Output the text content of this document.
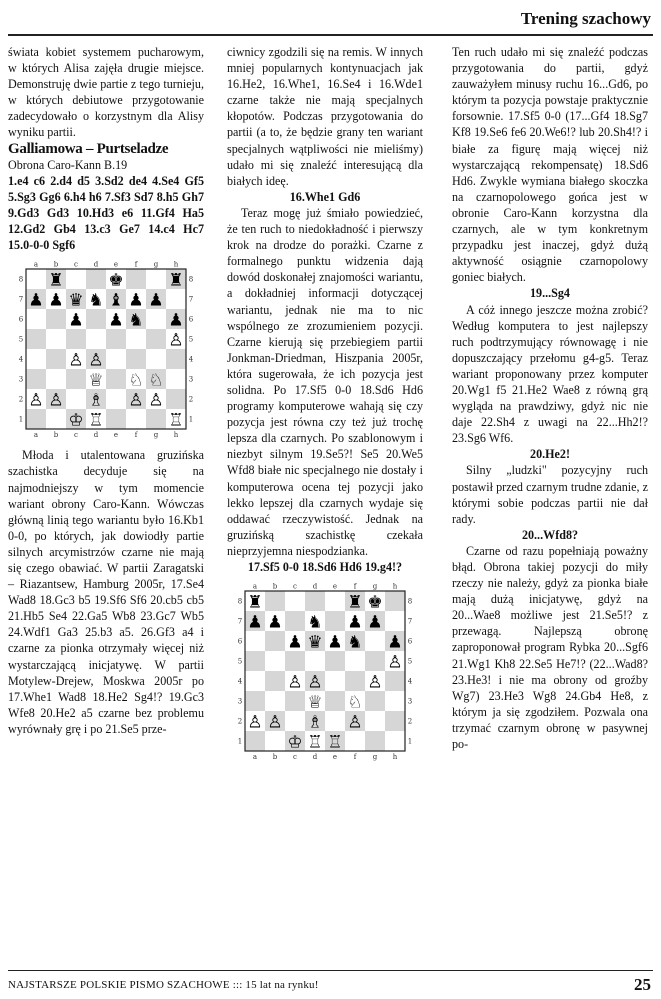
Trening szachowy

świata kobiet systemem pucharowym, w których Alisa zajęła drugie miejsce. Demonstruję dwie partie z tego turnieju, w których debiutowe przygotowanie zadecydowało o korzystnym dla Alisy wyniku partii.

Galliamowa – Purtseladze

Obrona Caro-Kann B.19

1.e4 c6 2.d4 d5 3.Sd2 de4 4.Se4 Gf5 5.Sg3 Gg6 6.h4 h6 7.Sf3 Sd7 8.h5 Gh7 9.Gd3 Gd3 10.Hd3 e6 11.Gf4 Ha5 12.Gd2 Gb4 13.c3 Ge7 14.c4 Hc7 15.0-0-0 Sgf6

a
a
b
b
c
c
d
d
e
e
f
f
g
g
h
h
8	8
7	7
6	6
5	5
4	4
3	3
2	2
1	1
♜	♚	♜
♟ ♟ ♛ ♞ ♝ ♟ ♟
♟ ♟ ♞ ♟
♙
♙ ♙
♕ ♘ ♘
♙ ♙ ♗ ♙ ♙
♔ ♖	♖

Młoda i utalentowana gruzińska szachistka decyduje się na najmodniejszy w tym momencie wariant obrony Caro-Kann. Wówczas główną linią tego wariantu było 16.Kb1 0-0, po których, jak dowiodły partie silnych arcymistrzów czarne nie mają się czego obawiać. W partii Zaragatski – Riazantsew, Hamburg 2005r, 17.Se4 Wad8 18.Gc3 b5 19.Sf6 Sf6 20.cb5 cb5 21.Hb5 Se4 22.Ga5 Wb8 23.Gc7 Wb5 24.Wdf1 Ga3 25.b3 a5. 26.Gf3 a4 i czarne za pionka otrzymały więcej niż wystarczającą inicjatywę. W partii Motylew-Drejew, Moskwa 2005r po 17.Whe1 Wad8 18.He2 Sg4!? 19.Gc3 Wfe8 20.He2 a5 czarne bez problemu wyrównały grę i po 21.Se5 prze-

ciwnicy zgodzili się na remis. W innych mniej popularnych kontynuacjach jak 16.He2, 16.Whe1, 16.Se4 i 16.Wde1 czarne także nie mają specjalnych kłopotów. Podczas przygotowania do partii (a to, że będzie grany ten wariant specjalnych wątpliwości nie mieliśmy) udało mi się znaleźć interesującą dla białych ideę.

16.Whe1 Gd6

Teraz mogę już śmiało powiedzieć, że ten ruch to niedokładność i pierwszy krok na drodze do porażki. Czarne z formalnego punktu widzenia dają dowód doskonałej znajomości wariantu, a dokładniej informacji dotyczącej wariantu, jednak nie ma to nic wspólnego ze zrozumieniem pozycji. Czarne kierują się przebiegiem partii Jonkman-Driedman, Hiszpania 2005r, która sugerowała, że ich pozycja jest solidna. Po 17.Sf5 0-0 18.Sd6 Hd6 programy komputerowe wahają się czy pozycja jest równa czy też już trochę lepsza dla czarnych. Po szablonowym i niezbyt silnym 19.Se5?! Se5 20.We5 Wfd8 białe nic specjalnego nie dostały i komputerowa ocena tej pozycji jako lekko lepszej dla czarnych wydaje się oddawać rzeczywistość. Jednak na gruzińską szachistkę czekała nieprzyjemna niespodzianka.

17.Sf5 0-0 18.Sd6 Hd6 19.g4!?

a
a
b
b
c
c
d
d
e
e
f
f
g
g
h
h
8	8
7	7
6	6
5	5
4	4
3	3
2	2
1	1
♜	♜ ♚
♟ ♟ ♞ ♟ ♟
♟ ♛ ♟ ♞ ♟
♙
♙ ♙	♙
♕ ♘
♙ ♙ ♗ ♙
♔ ♖ ♖

Ten ruch udało mi się znaleźć podczas przygotowania do partii, gdyż zauważyłem minusy ruchu 16...Gd6, po którym ta pozycja powstaje praktycznie forsownie. 17.Sf5 0-0 (17...Gf4 18.Sg7 Kf8 19.Se6 fe6 20.We6!? lub 20.Sh4!? i białe za figurę mają więcej niż wystarczającą rekompensatę) 18.Sd6 Hd6. Zwykle wymiana białego skoczka na czarnopolowego gońca jest w obronie Caro-Kann korzystna dla czarnych, ale w tym konkretnym przypadku jest inaczej, gdyż dużą aktywność osiągnie czarnopolowy goniec białych.

19...Sg4

A cóż innego jeszcze można zrobić? Według komputera to jest najlepszy ruch podtrzymujący równowagę i nie dopuszczający przełomu g4-g5. Teraz wariant proponowany przez komputer 20.Wg1 f5 21.He2 Wae8 z równą grą wygląda na prawdziwy, gdyż nic nie daje 22.Sh4 z uwagi na 22...Hh2!? 23.Sg6 Wf6.

20.He2!

Silny „ludzki" pozycyjny ruch postawił przed czarnym trudne zdanie, z którymi sobie podczas partii nie dał rady.

20...Wfd8?

Czarne od razu popełniają poważny błąd. Obrona takiej pozycji do miły rzeczy nie należy, gdyż za pionka białe mają dużą inicjatywę, gdyż na 20...Wae8 możliwe jest 21.Se5!? z przewagą. Najlepszą obronę zaproponował program Rybka 20...Sgf6 21.Wg1 Kh8 22.Se5 He7!? (22...Wad8? 23.He3! i nie ma obrony od groźby Wg7) 23.He3 Wg8 24.Gb4 He8, z którym ja się zgodziłem. Pozwala ona trzymać czarnym obronę w pasywnej po-

NAJSTARSZE POLSKIE PISMO SZACHOWE ::: 15 lat na rynku!	25
